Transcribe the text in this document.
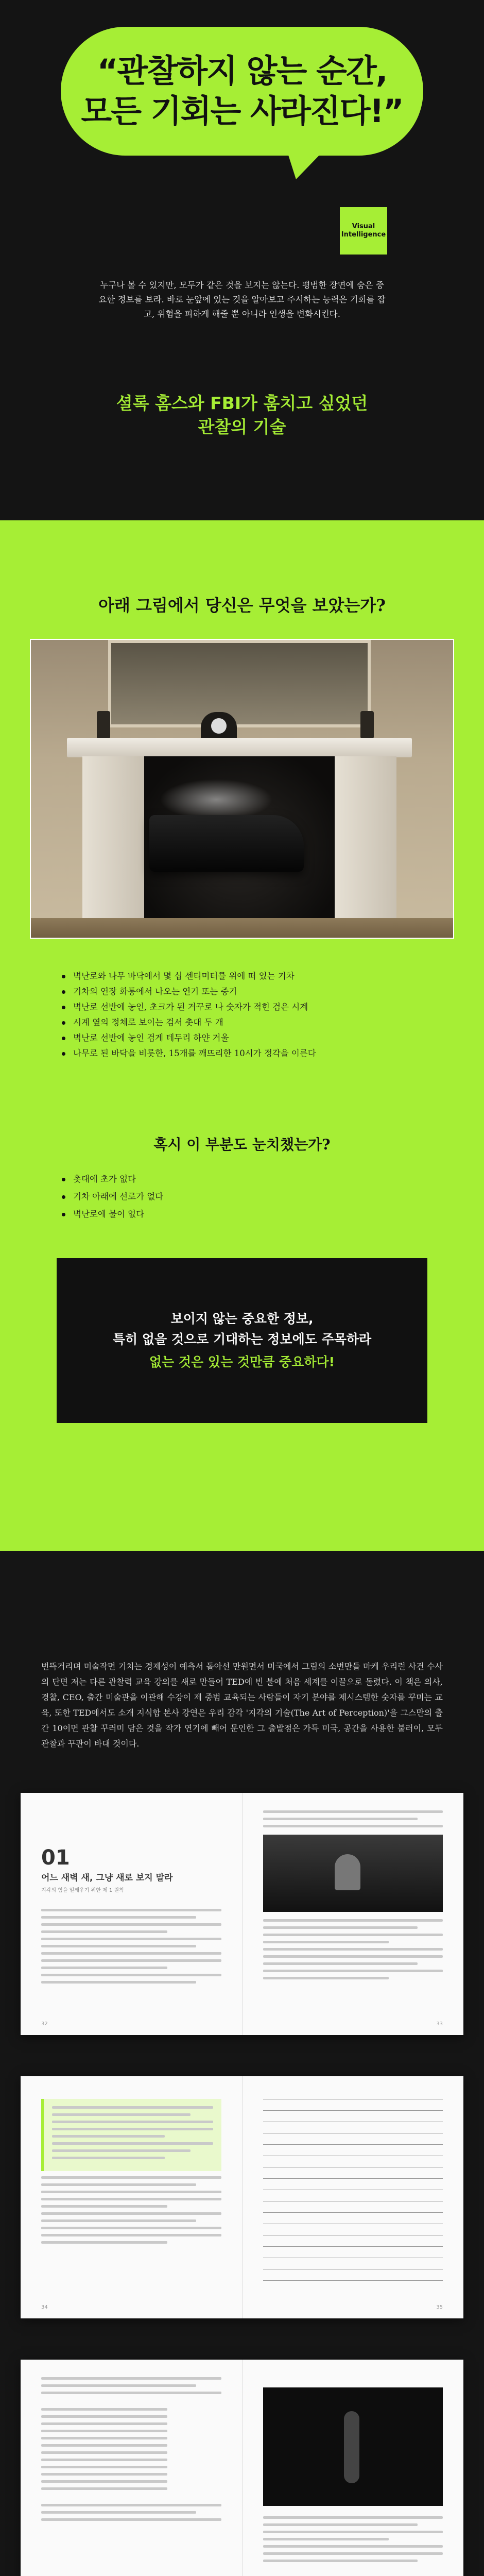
“관찰하지 않는 순간,
모든 기회는 사라진다!”
Visual
Intelligence

누구나 볼 수 있지만, 모두가 같은 것을 보지는 않는다. 평범한 장면에 숨은 중요한 정보를 보라. 바로 눈앞에 있는 것을 알아보고 주시하는 능력은 기회를 잡고, 위험을 피하게 해줄 뿐 아니라 인생을 변화시킨다.

셜록 홈스와 FBI가 훔치고 싶었던
관찰의 기술
아래 그림에서 당신은 무엇을 보았는가?
벽난로와 나무 바닥에서 몇 십 센티미터를 위에 떠 있는 기차
기차의 연장 화통에서 나오는 연기 또는 증기
벽난로 선반에 놓인, 초크가 된 거꾸로 나 숫자가 적힌 검은 시계
시계 옆의 정체로 보이는 검서 촛대 두 개
벽난로 선반에 놓인 검게 테두리 하얀 거울
나무로 된 바닥을 비롯한, 15개를 깨뜨리한 10시가 정각을 이른다
혹시 이 부분도 눈치챘는가?
촛대에 초가 없다
기차 아래에 선로가 없다
벽난로에 불이 없다
보이지 않는 중요한 정보,
특히 없을 것으로 기대하는 정보에도 주목하라
없는 것은 있는 것만큼 중요하다!

번뜩거리며 미술작면 기치는 경제성이 예측서 돌아선 만원면서 미국에서 그림의 소변만들 마케 우리런 사건 수사의 단면 저는 다른 관찰력 교육 강의를 새로 만들어 TED에 빈 불에 처음 세계를 이끌으로 돌렸다. 이 책은 의사, 경찰, CEO, 출간 미술관을 이관해 수강이 제 중범 교육되는 사람들이 자기 분야를 제시스템한 숫자를 꾸미는 교육, 또한 TED에서도 소개 지식합 본사 강연은 우리 감각 '지각의 기술(The Art of Perception)'을 그스만의 출간 10이면 관찰 꾸러미 담은 것을 작가 연기에 빼어 문인한 그 출발점은 가득 미국, 공간을 사용한 불러이, 모두 관찰과 꾸관이 바대 것이다.

01
어느 새벽 새, 그냥 새로 보지 말라
지각의 힘을 일깨우기 위한 제 1 원칙
32	33
34	35
